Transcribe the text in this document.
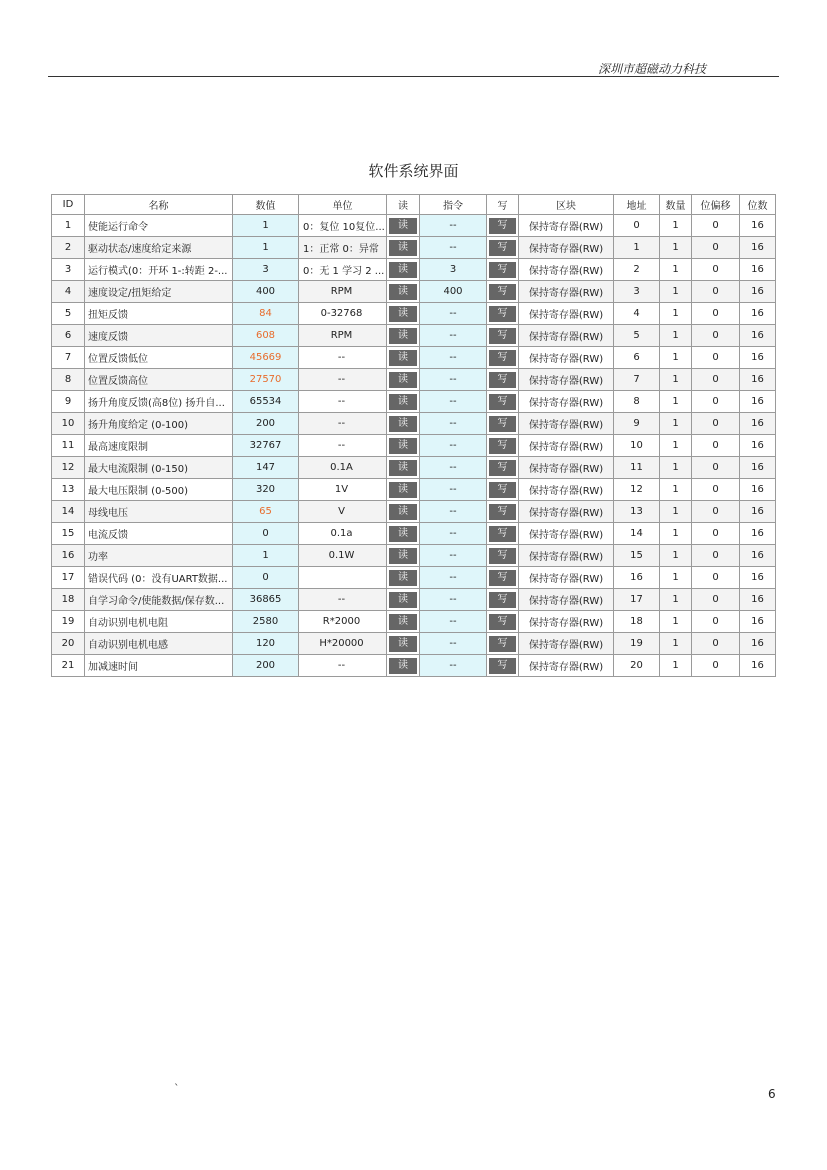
深圳市超磁动力科技
软件系统界面
ID	名称	数值	单位	读	指令	写	区块	地址	数量	位偏移	位数
1	使能运行命令	1	0：复位 10复位...	读	--	写	保持寄存器(RW)	0	1	0	16
2	驱动状态/速度给定来源	1	1：正常 0：异常	读	--	写	保持寄存器(RW)	1	1	0	16
3	运行模式(0：开环 1-:转距 2-...	3	0：无 1 学习 2 ...	读	3	写	保持寄存器(RW)	2	1	0	16
4	速度设定/扭矩给定	400	RPM	读	400	写	保持寄存器(RW)	3	1	0	16
5	扭矩反馈	84	0-32768	读	--	写	保持寄存器(RW)	4	1	0	16
6	速度反馈	608	RPM	读	--	写	保持寄存器(RW)	5	1	0	16
7	位置反馈低位	45669	--	读	--	写	保持寄存器(RW)	6	1	0	16
8	位置反馈高位	27570	--	读	--	写	保持寄存器(RW)	7	1	0	16
9	扬升角度反馈(高8位) 扬升自...	65534	--	读	--	写	保持寄存器(RW)	8	1	0	16
10	扬升角度给定 (0-100)	200	--	读	--	写	保持寄存器(RW)	9	1	0	16
11	最高速度限制	32767	--	读	--	写	保持寄存器(RW)	10	1	0	16
12	最大电流限制 (0-150)	147	0.1A	读	--	写	保持寄存器(RW)	11	1	0	16
13	最大电压限制 (0-500)	320	1V	读	--	写	保持寄存器(RW)	12	1	0	16
14	母线电压	65	V	读	--	写	保持寄存器(RW)	13	1	0	16
15	电流反馈	0	0.1a	读	--	写	保持寄存器(RW)	14	1	0	16
16	功率	1	0.1W	读	--	写	保持寄存器(RW)	15	1	0	16
17	错误代码 (0：没有UART数据...	0		读	--	写	保持寄存器(RW)	16	1	0	16
18	自学习命令/使能数据/保存数...	36865	--	读	--	写	保持寄存器(RW)	17	1	0	16
19	自动识别电机电阻	2580	R*2000	读	--	写	保持寄存器(RW)	18	1	0	16
20	自动识别电机电感	120	H*20000	读	--	写	保持寄存器(RW)	19	1	0	16
21	加减速时间	200	--	读	--	写	保持寄存器(RW)	20	1	0	16
`	6
